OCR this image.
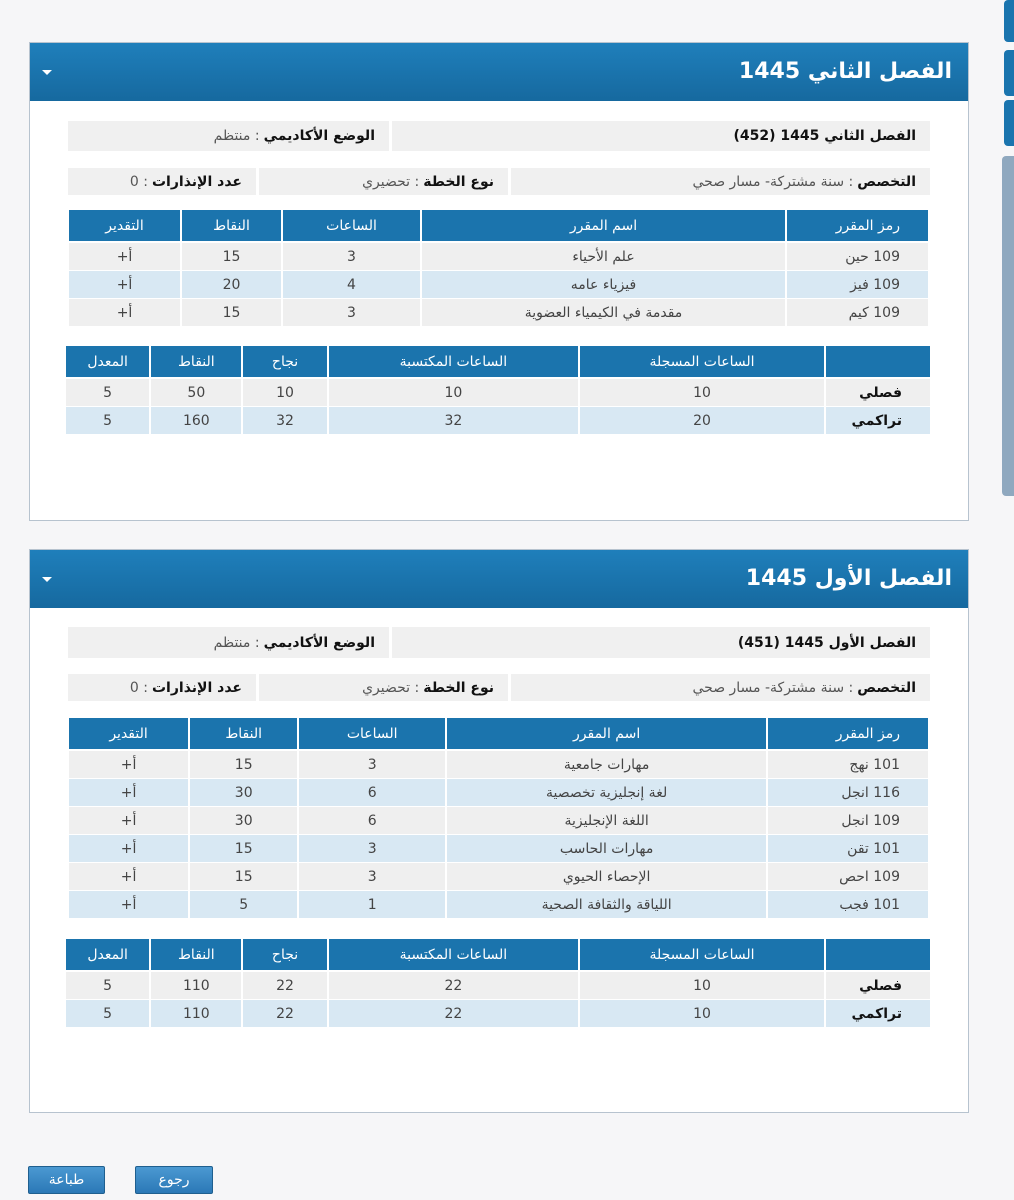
الفصل الثاني 1445
الفصل الثاني 1445 (452)
الوضع الأكاديمي
: منتظم
التخصص
: سنة مشتركة- مسار صحي
نوع الخطة
: تحضيري
عدد الإنذارات
: 0
رمز المقرر	اسم المقرر	الساعات	النقاط	التقدير
109 حين	علم الأحياء	3	15	أ+
109 فيز	فيزياء عامه	4	20	أ+
109 كيم	مقدمة في الكيمياء العضوية	3	15	أ+
	الساعات المسجلة	الساعات المكتسبة	نجاح	النقاط	المعدل
فصلي	10	10	10	50	5
تراكمي	20	32	32	160	5
الفصل الأول 1445
الفصل الأول 1445 (451)
الوضع الأكاديمي
: منتظم
التخصص
: سنة مشتركة- مسار صحي
نوع الخطة
: تحضيري
عدد الإنذارات
: 0
رمز المقرر	اسم المقرر	الساعات	النقاط	التقدير
101 نهج	مهارات جامعية	3	15	أ+
116 انجل	لغة إنجليزية تخصصية	6	30	أ+
109 انجل	اللغة الإنجليزية	6	30	أ+
101 تقن	مهارات الحاسب	3	15	أ+
109 احص	الإحصاء الحيوي	3	15	أ+
101 فجب	اللياقة والثقافة الصحية	1	5	أ+
	الساعات المسجلة	الساعات المكتسبة	نجاح	النقاط	المعدل
فصلي	10	22	22	110	5
تراكمي	10	22	22	110	5
رجوع
طباعة
